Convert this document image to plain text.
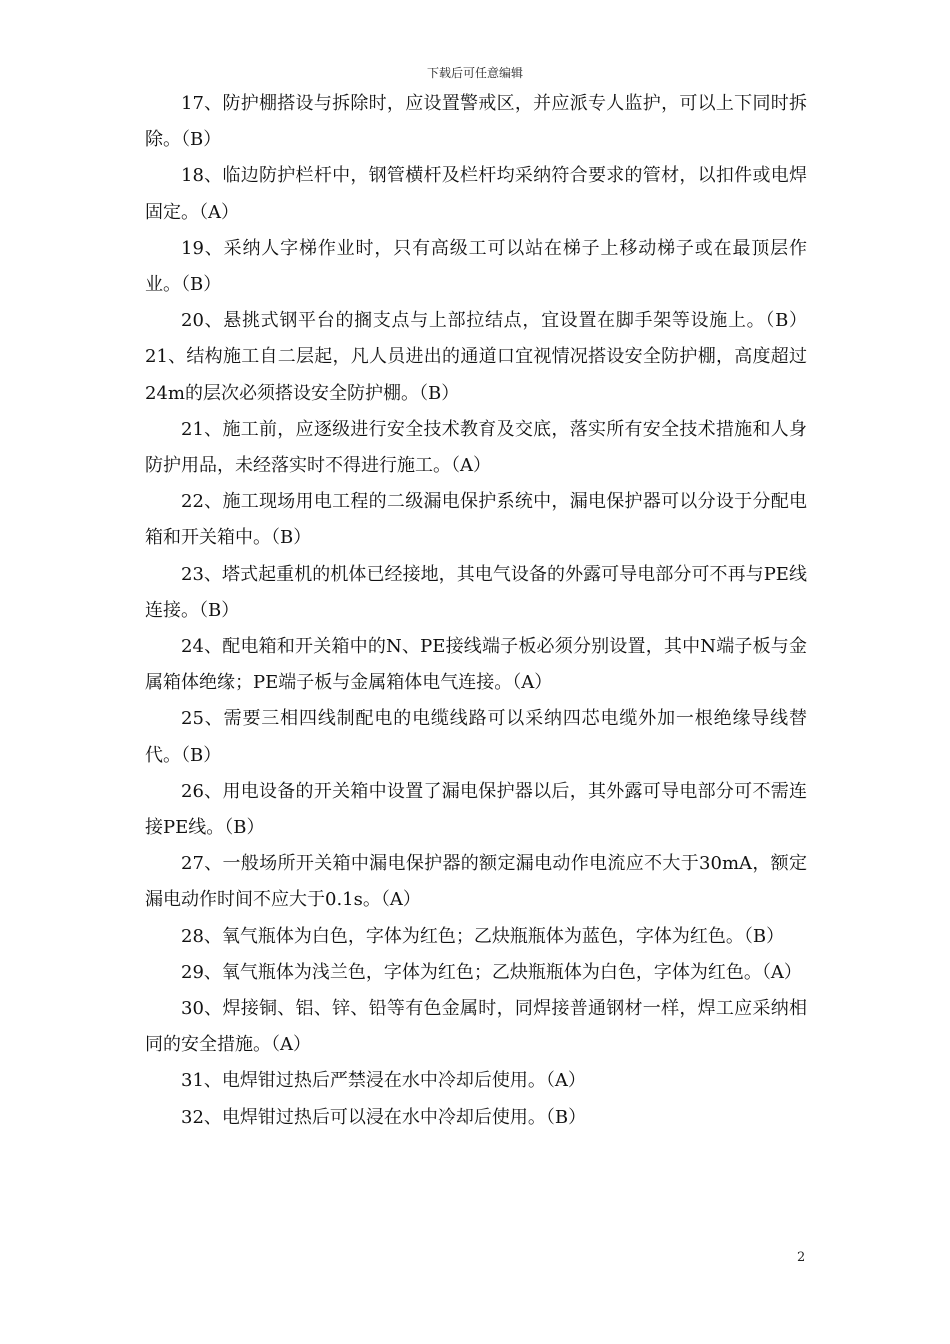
下载后可任意编辑

17、防护棚搭设与拆除时，应设置警戒区，并应派专人监护，可以上下同时拆除。（B）

18、临边防护栏杆中，钢管横杆及栏杆均采纳符合要求的管材，以扣件或电焊固定。（A）

19、采纳人字梯作业时，只有高级工可以站在梯子上移动梯子或在最顶层作业。（B）

20、悬挑式钢平台的搁支点与上部拉结点，宜设置在脚手架等设施上。（B）21、结构施工自二层起，凡人员进出的通道口宜视情况搭设安全防护棚，高度超过24m的层次必须搭设安全防护棚。（B）

21、施工前，应逐级进行安全技术教育及交底，落实所有安全技术措施和人身防护用品，未经落实时不得进行施工。（A）

22、施工现场用电工程的二级漏电保护系统中，漏电保护器可以分设于分配电箱和开关箱中。（B）

23、塔式起重机的机体已经接地，其电气设备的外露可导电部分可不再与PE线连接。（B）

24、配电箱和开关箱中的N、PE接线端子板必须分别设置，其中N端子板与金属箱体绝缘；PE端子板与金属箱体电气连接。（A）

25、需要三相四线制配电的电缆线路可以采纳四芯电缆外加一根绝缘导线替代。（B）

26、用电设备的开关箱中设置了漏电保护器以后，其外露可导电部分可不需连接PE线。（B）

27、一般场所开关箱中漏电保护器的额定漏电动作电流应不大于30mA，额定漏电动作时间不应大于0.1s。（A）

28、氧气瓶体为白色，字体为红色；乙炔瓶瓶体为蓝色，字体为红色。（B）

29、氧气瓶体为浅兰色，字体为红色；乙炔瓶瓶体为白色，字体为红色。（A）

30、焊接铜、铝、锌、铅等有色金属时，同焊接普通钢材一样，焊工应采纳相同的安全措施。（A）

31、电焊钳过热后严禁浸在水中冷却后使用。（A）

32、电焊钳过热后可以浸在水中冷却后使用。（B）

2
